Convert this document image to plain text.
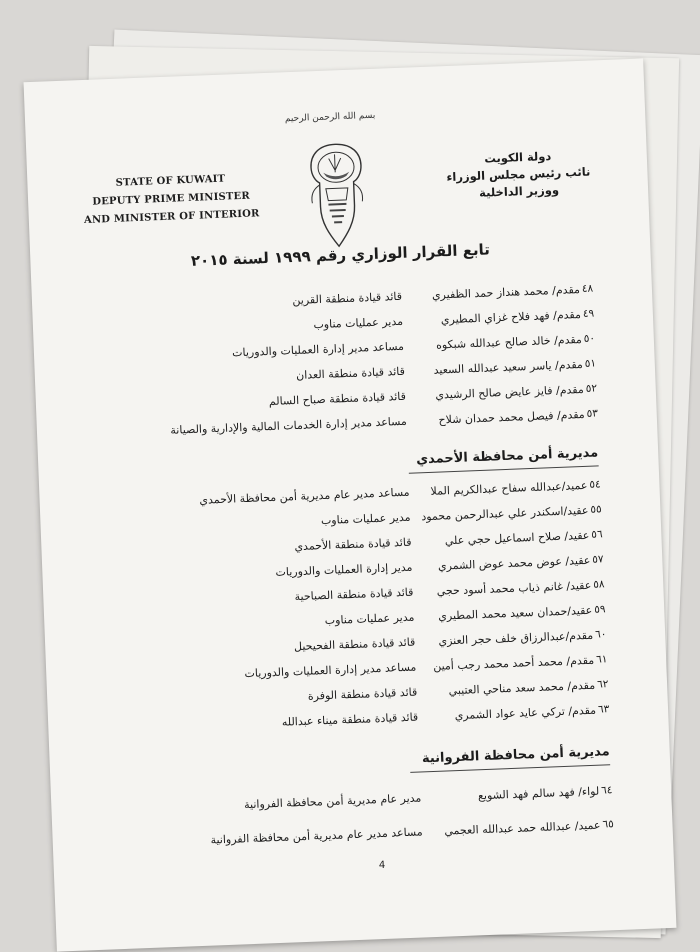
بسم الله الرحمن الرحيم
STATE OF KUWAIT
DEPUTY PRIME MINISTER
AND MINISTER OF INTERIOR
دولة الكويت
نائب رئيس مجلس الوزراء
ووزير الداخلية
تابع القرار الوزاري رقم ١٩٩٩ لسنة ٢٠١٥
٤٨
مقدم/ محمد هنداز حمد الظفيري
قائد قيادة منطقة القرين
٤٩
مقدم/ فهد فلاح غزاي المطيري
مدير عمليات مناوب
٥٠
مقدم/ خالد صالح عبدالله شبكوه
مساعد مدير إدارة العمليات والدوريات
٥١
مقدم/ ياسر سعيد عبدالله السعيد
قائد قيادة منطقة العدان
٥٢
مقدم/ فايز عايض صالح الرشيدي
قائد قيادة منطقة صباح السالم
٥٣
مقدم/ فيصل محمد حمدان شلاح
مساعد مدير إدارة الخدمات المالية والإدارية والصيانة
مديرية أمن محافظة الأحمدي
٥٤
عميد/عبدالله سفاح عبدالكريم الملا
مساعد مدير عام مديرية أمن محافظة الأحمدي
٥٥
عقيد/اسكندر علي عبدالرحمن محمود
مدير عمليات مناوب
٥٦
عقيد/ صلاح اسماعيل حجي علي
قائد قيادة منطقة الأحمدي
٥٧
عقيد/ عوض محمد عوض الشمري
مدير إدارة العمليات والدوريات
٥٨
عقيد/ غانم ذياب محمد أسود حجي
قائد قيادة منطقة الصباحية
٥٩
عقيد/حمدان سعيد محمد المطيري
مدير عمليات مناوب
٦٠
مقدم/عبدالرزاق خلف حجر العنزي
قائد قيادة منطقة الفحيحيل
٦١
مقدم/ محمد أحمد محمد رجب أمين
مساعد مدير إدارة العمليات والدوريات
٦٢
مقدم/ محمد سعد مناحي العتيبي
قائد قيادة منطقة الوفرة
٦٣
مقدم/ تركي عايد عواد الشمري
قائد قيادة منطقة ميناء عبدالله
مديرية أمن محافظة الفروانية
٦٤
لواء/ فهد سالم فهد الشويع
مدير عام مديرية أمن محافظة الفروانية
٦٥
عميد/ عبدالله حمد عبدالله العجمي
مساعد مدير عام مديرية أمن محافظة الفروانية
4
